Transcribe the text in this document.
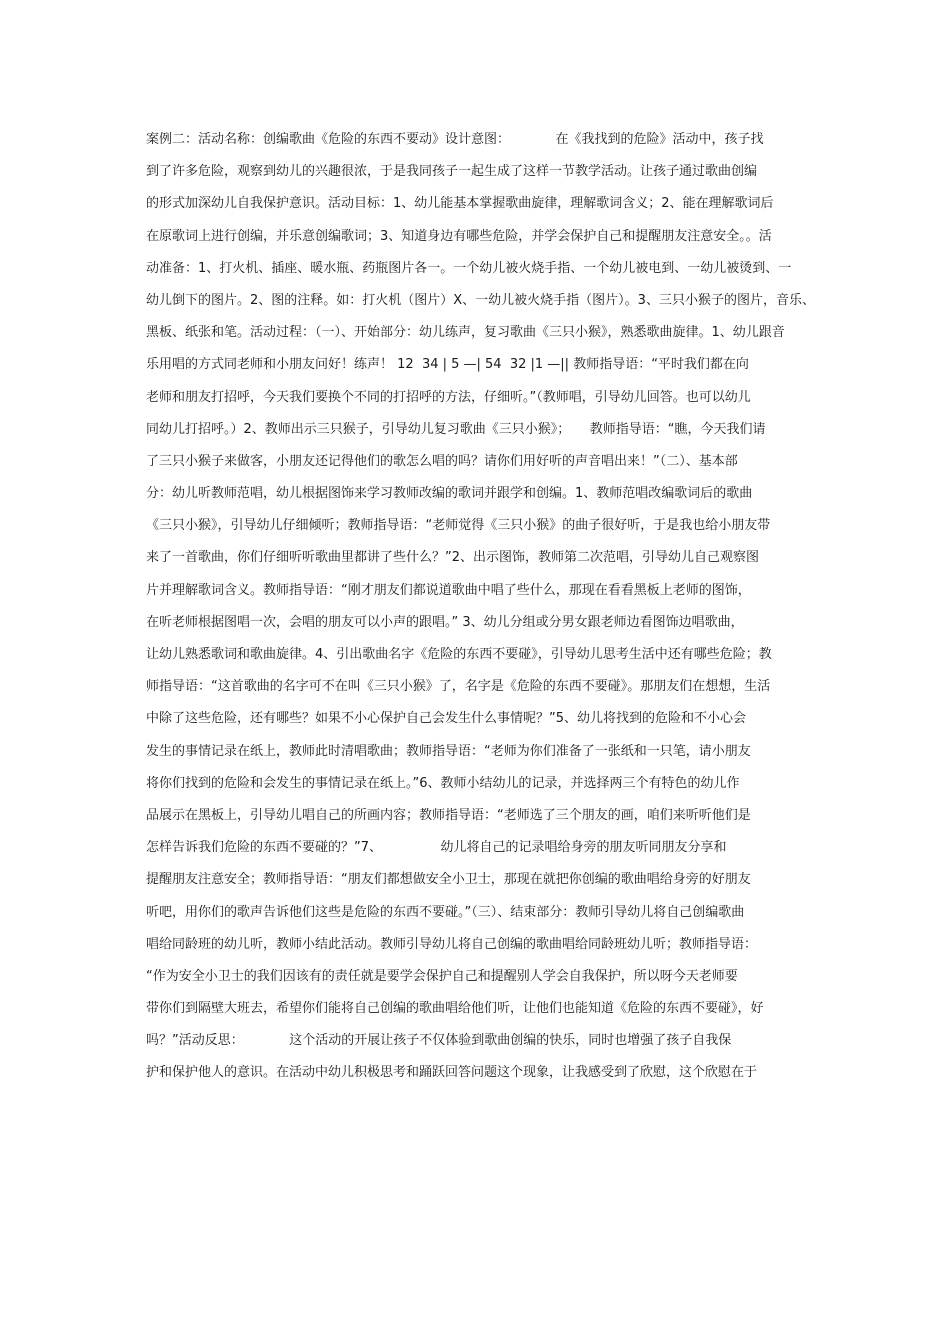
案例二：活动名称：创编歌曲《危险的东西不要动》设计意图：　　　　在《我找到的危险》活动中，孩子找
到了许多危险，观察到幼儿的兴趣很浓，于是我同孩子一起生成了这样一节教学活动。让孩子通过歌曲创编
的形式加深幼儿自我保护意识。活动目标：1、幼儿能基本掌握歌曲旋律，理解歌词含义；2、能在理解歌词后
在原歌词上进行创编，并乐意创编歌词；3、知道身边有哪些危险，并学会保护自己和提醒朋友注意安全。。活
动准备：1、打火机、插座、暖水瓶、药瓶图片各一。一个幼儿被火烧手指、一个幼儿被电到、一幼儿被烫到、一
幼儿倒下的图片。2、图的注释。如：打火机（图片）X、一幼儿被火烧手指（图片）。3、三只小猴子的图片，音乐、
黑板、纸张和笔。活动过程：（一）、开始部分：幼儿练声，复习歌曲《三只小猴》，熟悉歌曲旋律。1、幼儿跟音
乐用唱的方式同老师和小朋友问好！练声！ 12  34 | 5 —| 54  32 |1 —|| 教师指导语：“平时我们都在向
老师和朋友打招呼，今天我们要换个不同的打招呼的方法，仔细听。”（教师唱，引导幼儿回答。也可以幼儿
同幼儿打招呼。）2、教师出示三只猴子，引导幼儿复习歌曲《三只小猴》；　　教师指导语：“瞧，今天我们请
了三只小猴子来做客，小朋友还记得他们的歌怎么唱的吗？请你们用好听的声音唱出来！”（二）、基本部
分：幼儿听教师范唱，幼儿根据图饰来学习教师改编的歌词并跟学和创编。1、教师范唱改编歌词后的歌曲
《三只小猴》，引导幼儿仔细倾听；教师指导语：“老师觉得《三只小猴》的曲子很好听，于是我也给小朋友带
来了一首歌曲，你们仔细听听歌曲里都讲了些什么？”2、出示图饰，教师第二次范唱，引导幼儿自己观察图
片并理解歌词含义。教师指导语：“刚才朋友们都说道歌曲中唱了些什么，那现在看看黑板上老师的图饰，
在听老师根据图唱一次，会唱的朋友可以小声的跟唱。” 3、幼儿分组或分男女跟老师边看图饰边唱歌曲，
让幼儿熟悉歌词和歌曲旋律。4、引出歌曲名字《危险的东西不要碰》，引导幼儿思考生活中还有哪些危险；教
师指导语：“这首歌曲的名字可不在叫《三只小猴》了，名字是《危险的东西不要碰》。那朋友们在想想，生活
中除了这些危险，还有哪些？如果不小心保护自己会发生什么事情呢？”5、幼儿将找到的危险和不小心会
发生的事情记录在纸上，教师此时清唱歌曲；教师指导语：“老师为你们准备了一张纸和一只笔，请小朋友
将你们找到的危险和会发生的事情记录在纸上。”6、教师小结幼儿的记录，并选择两三个有特色的幼儿作
品展示在黑板上，引导幼儿唱自己的所画内容；教师指导语：“老师选了三个朋友的画，咱们来听听他们是
怎样告诉我们危险的东西不要碰的？”7、　　　　　幼儿将自己的记录唱给身旁的朋友听同朋友分享和
提醒朋友注意安全；教师指导语：“朋友们都想做安全小卫士，那现在就把你创编的歌曲唱给身旁的好朋友
听吧，用你们的歌声告诉他们这些是危险的东西不要碰。”（三）、结束部分：教师引导幼儿将自己创编歌曲
唱给同龄班的幼儿听，教师小结此活动。教师引导幼儿将自己创编的歌曲唱给同龄班幼儿听；教师指导语：
“作为安全小卫士的我们因该有的责任就是要学会保护自己和提醒别人学会自我保护，所以呀今天老师要
带你们到隔壁大班去，希望你们能将自己创编的歌曲唱给他们听，让他们也能知道《危险的东西不要碰》，好
吗？”活动反思：　　　　这个活动的开展让孩子不仅体验到歌曲创编的快乐，同时也增强了孩子自我保
护和保护他人的意识。在活动中幼儿积极思考和踊跃回答问题这个现象，让我感受到了欣慰，这个欣慰在于
